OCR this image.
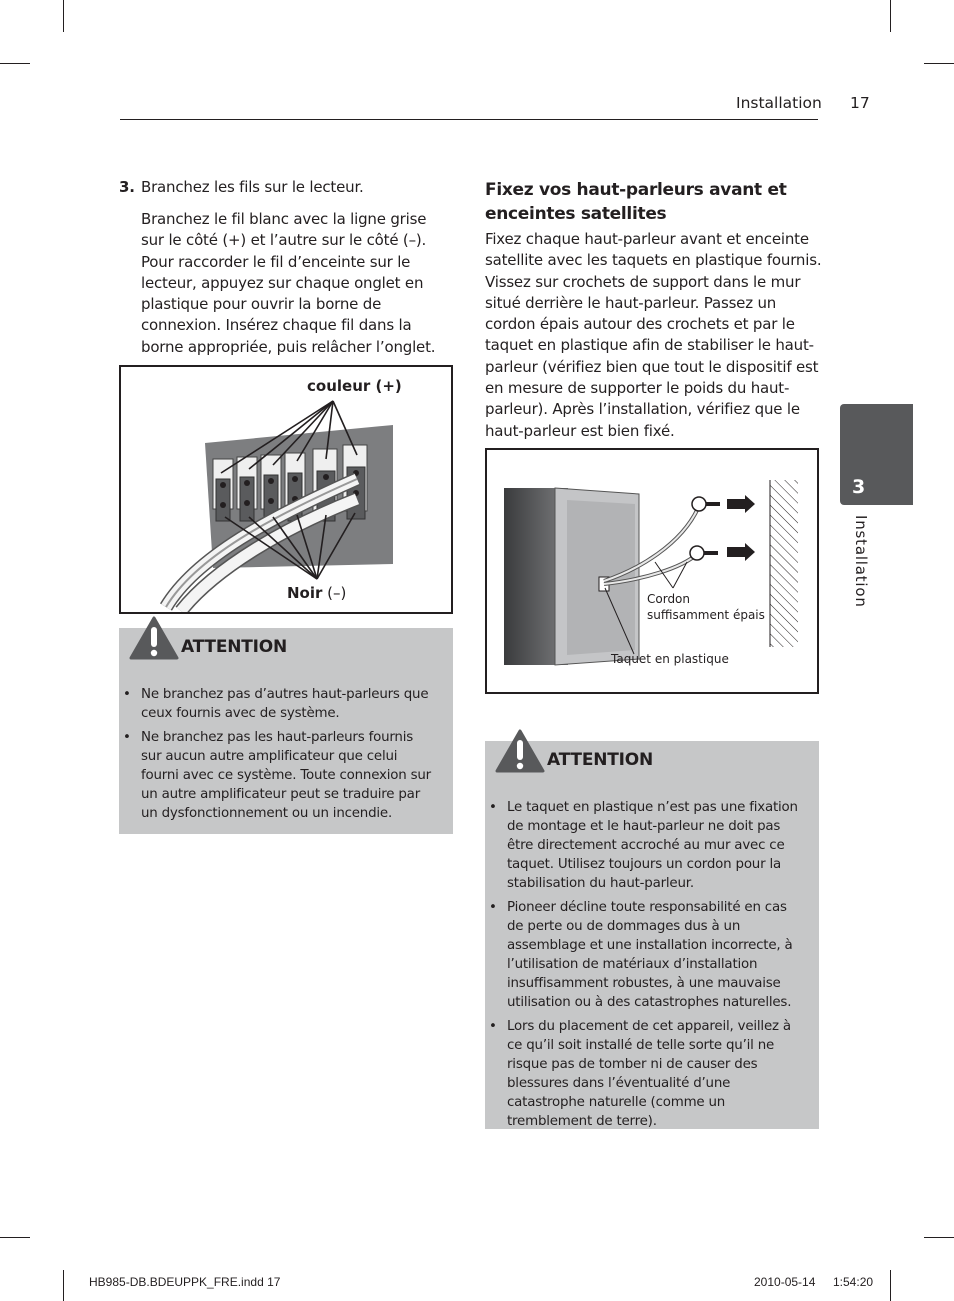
Installation 17
3. Branchez les fils sur le lecteur.
Branchez le fil blanc avec la ligne grise sur le côté (+) et l’autre sur le côté (–). Pour raccorder le fil d’enceinte sur le lecteur, appuyez sur chaque onglet en plastique pour ouvrir la borne de connexion. Insérez chaque fil dans la borne appropriée, puis relâcher l’onglet.
couleur (+)
Noir (–)
ATTENTION
• Ne branchez pas d’autres haut-parleurs que ceux fournis avec de système.
• Ne branchez pas les haut-parleurs fournis sur aucun autre amplificateur que celui fourni avec ce système. Toute connexion sur un autre amplificateur peut se traduire par un dysfonctionnement ou un incendie.
Fixez vos haut-parleurs avant et enceintes satellites
Fixez chaque haut-parleur avant et enceinte satellite avec les taquets en plastique fournis. Vissez sur crochets de support dans le mur situé derrière le haut-parleur. Passez un cordon épais autour des crochets et par le taquet en plastique afin de stabiliser le haut-parleur (vérifiez bien que tout le dispositif est en mesure de supporter le poids du haut-parleur). Après l’installation, vérifiez que le haut-parleur est bien fixé.
Cordon
suffisamment épais
Taquet en plastique
ATTENTION
• Le taquet en plastique n’est pas une fixation de montage et le haut-parleur ne doit pas être directement accroché au mur avec ce taquet. Utilisez toujours un cordon pour la stabilisation du haut-parleur.
• Pioneer décline toute responsabilité en cas de perte ou de dommages dus à un assemblage et une installation incorrecte, à l’utilisation de matériaux d’installation insuffisamment robustes, à une mauvaise utilisation ou à des catastrophes naturelles.
• Lors du placement de cet appareil, veillez à ce qu’il soit installé de telle sorte qu’il ne risque pas de tomber ni de causer des blessures dans l’éventualité d’une catastrophe naturelle (comme un tremblement de terre).
3
Installation
HB985-DB.BDEUPPK_FRE.indd 17	2010-05-14 1:54:20
